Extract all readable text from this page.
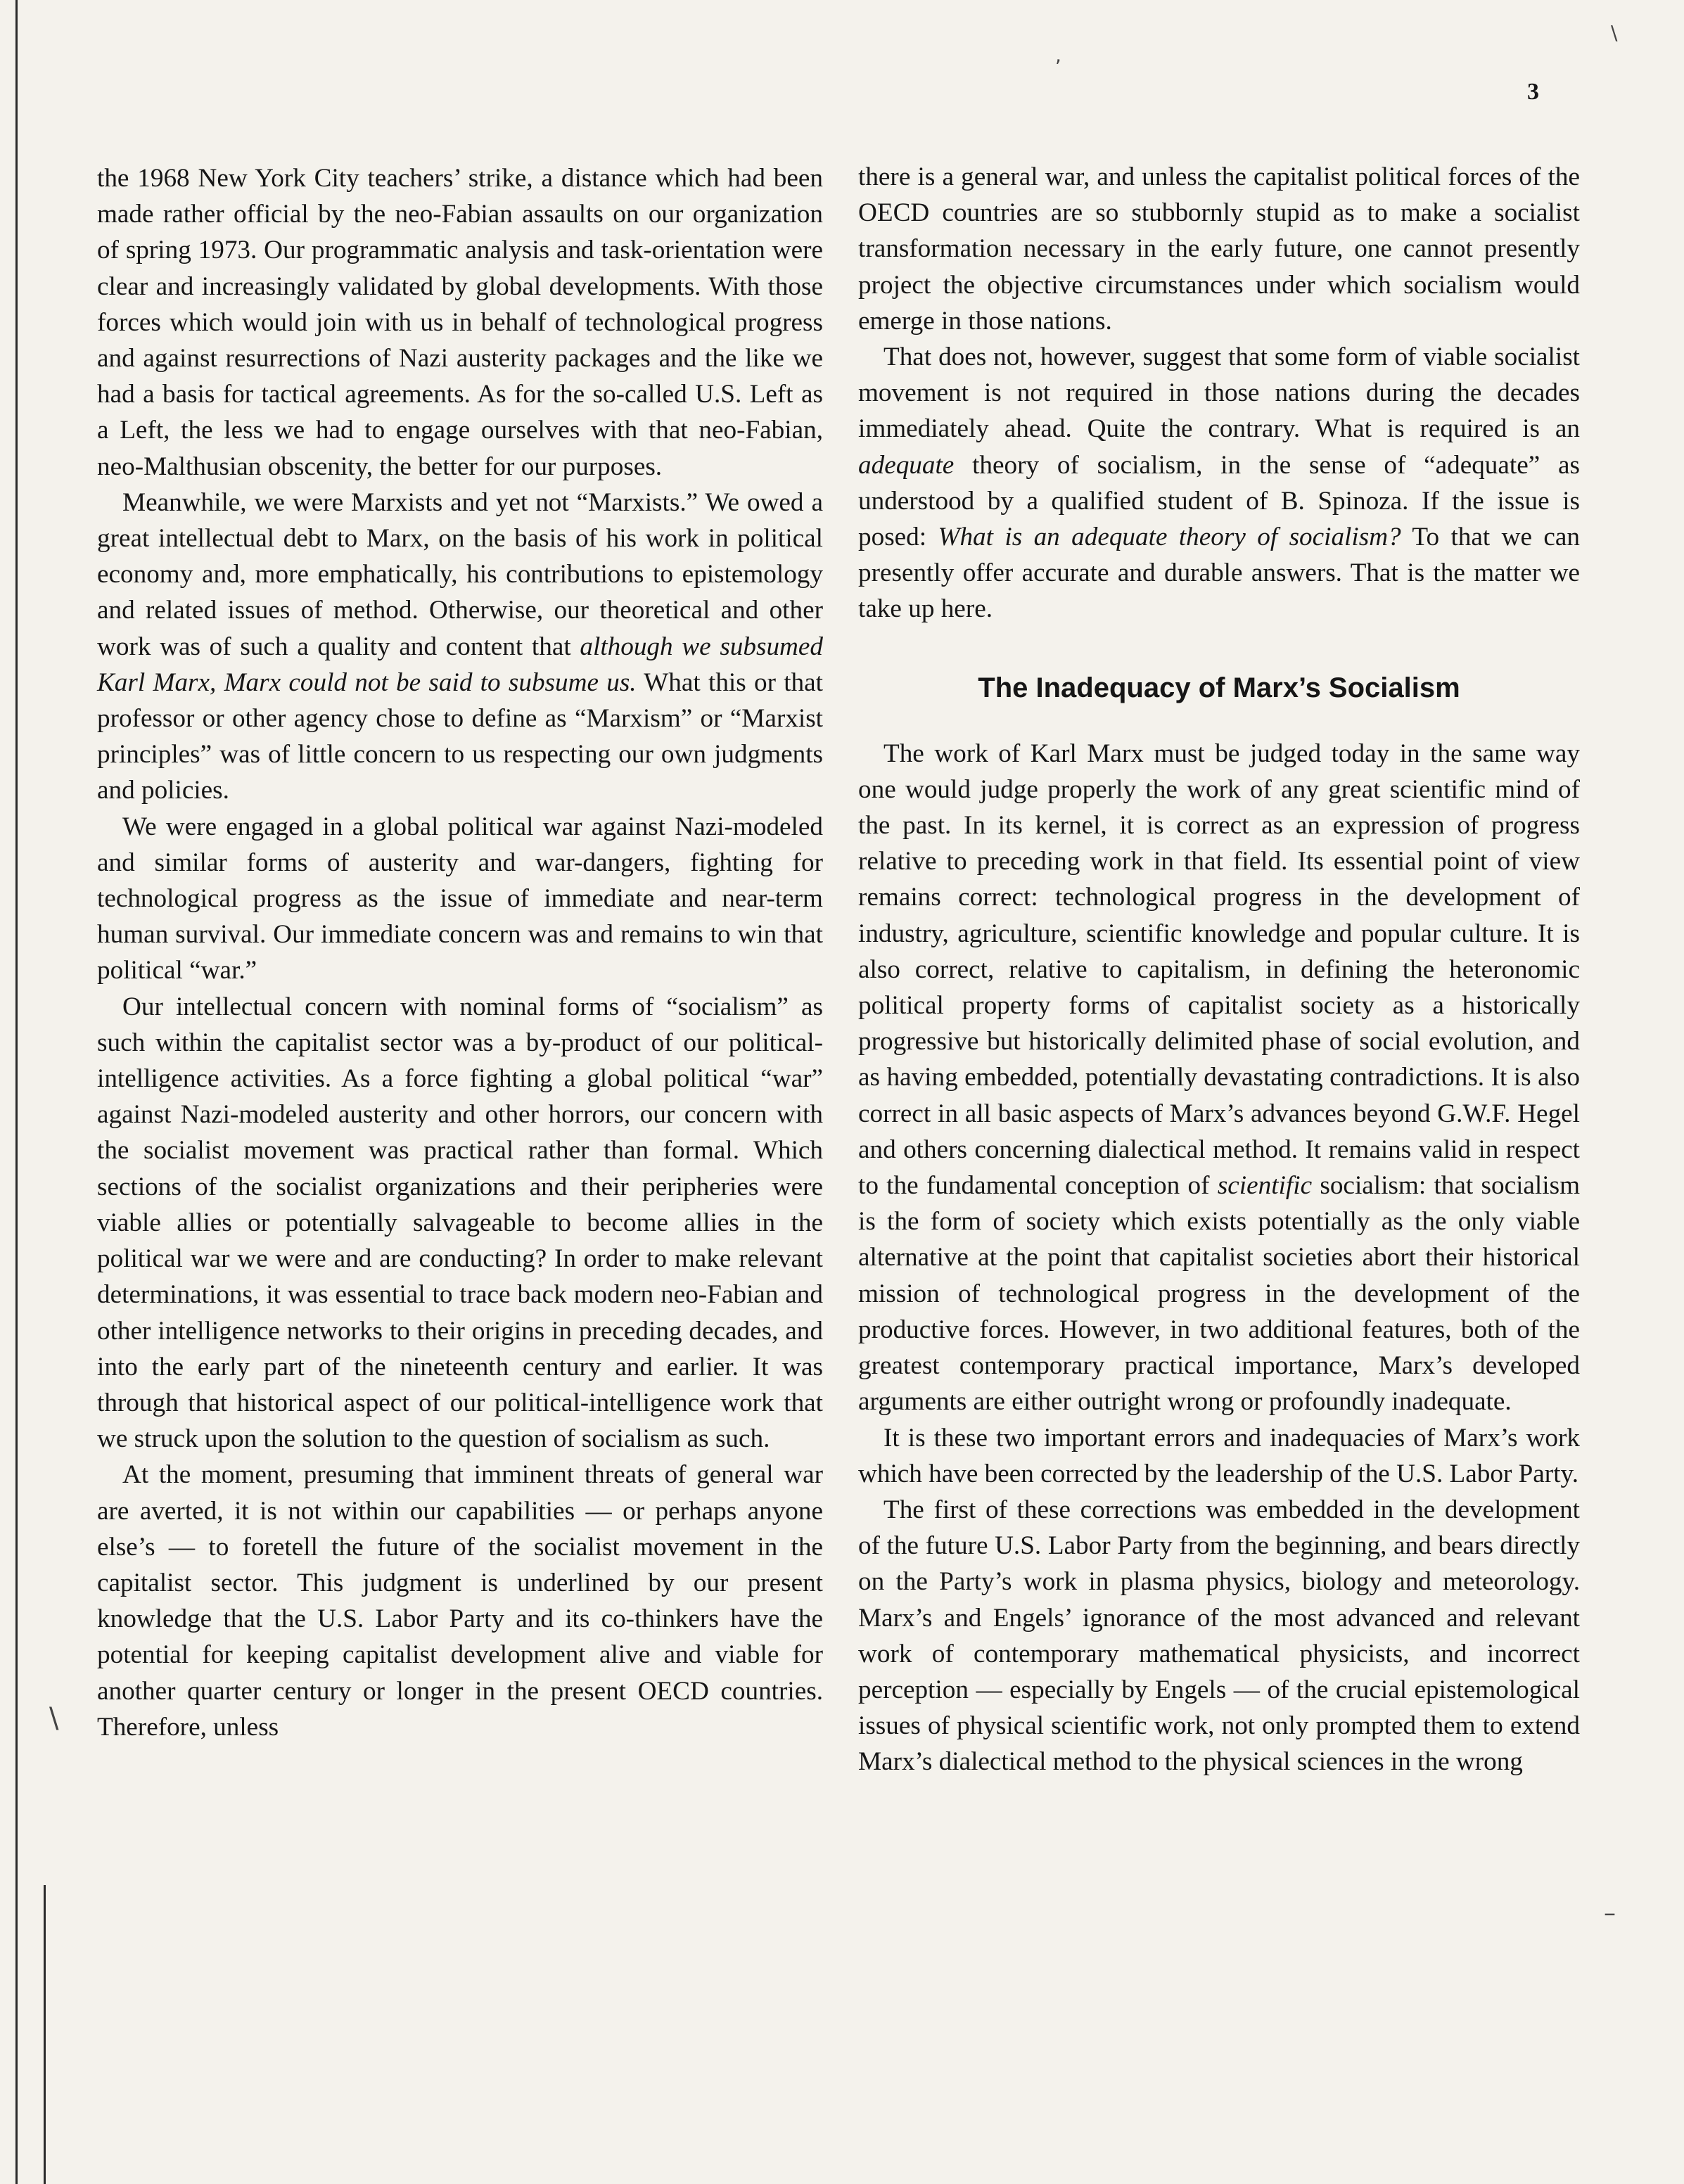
,
\
\
–
3

the 1968 New York City teachers’ strike, a distance which had been made rather official by the neo-Fabian assaults on our organization of spring 1973. Our programmatic analysis and task-orientation were clear and increasingly validated by global developments. With those forces which would join with us in behalf of technological progress and against resurrections of Nazi austerity packages and the like we had a basis for tactical agreements. As for the so-called U.S. Left as a Left, the less we had to engage ourselves with that neo-Fabian, neo-Malthusian obscenity, the better for our purposes.

Meanwhile, we were Marxists and yet not “Marxists.” We owed a great intellectual debt to Marx, on the basis of his work in political economy and, more emphatically, his contributions to epistemology and related issues of method. Otherwise, our theoretical and other work was of such a quality and content that although we subsumed Karl Marx, Marx could not be said to subsume us. What this or that professor or other agency chose to define as “Marxism” or “Marxist principles” was of little concern to us respecting our own judgments and policies.

We were engaged in a global political war against Nazi-modeled and similar forms of austerity and war-dangers, fighting for technological progress as the issue of immediate and near-term human survival. Our immediate concern was and remains to win that political “war.”

Our intellectual concern with nominal forms of “socialism” as such within the capitalist sector was a by-product of our political-intelligence activities. As a force fighting a global political “war” against Nazi-modeled austerity and other horrors, our concern with the socialist movement was practical rather than formal. Which sections of the socialist organizations and their peripheries were viable allies or potentially salvageable to become allies in the political war we were and are conducting? In order to make relevant determinations, it was essential to trace back modern neo-Fabian and other intelligence networks to their origins in preceding decades, and into the early part of the nineteenth century and earlier. It was through that historical aspect of our political-intelligence work that we struck upon the solution to the question of socialism as such.

At the moment, presuming that imminent threats of general war are averted, it is not within our capabilities — or perhaps anyone else’s — to foretell the future of the socialist movement in the capitalist sector. This judgment is underlined by our present knowledge that the U.S. Labor Party and its co-thinkers have the potential for keeping capitalist development alive and viable for another quarter century or longer in the present OECD countries. Therefore, unless

there is a general war, and unless the capitalist political forces of the OECD countries are so stubbornly stupid as to make a socialist transformation necessary in the early future, one cannot presently project the objective circumstances under which socialism would emerge in those nations.

That does not, however, suggest that some form of viable socialist movement is not required in those nations during the decades immediately ahead. Quite the contrary. What is required is an adequate theory of socialism, in the sense of “adequate” as understood by a qualified student of B. Spinoza. If the issue is posed: What is an adequate theory of socialism? To that we can presently offer accurate and durable answers. That is the matter we take up here.

The Inadequacy of Marx’s Socialism

The work of Karl Marx must be judged today in the same way one would judge properly the work of any great scientific mind of the past. In its kernel, it is correct as an expression of progress relative to preceding work in that field. Its essential point of view remains correct: technological progress in the development of industry, agriculture, scientific knowledge and popular culture. It is also correct, relative to capitalism, in defining the heteronomic political property forms of capitalist society as a historically progressive but historically delimited phase of social evolution, and as having embedded, potentially devastating contradictions. It is also correct in all basic aspects of Marx’s advances beyond G.W.F. Hegel and others concerning dialectical method. It remains valid in respect to the fundamental conception of scientific socialism: that socialism is the form of society which exists potentially as the only viable alternative at the point that capitalist societies abort their historical mission of technological progress in the development of the productive forces. However, in two additional features, both of the greatest contemporary practical importance, Marx’s developed arguments are either outright wrong or profoundly inadequate.

It is these two important errors and inadequacies of Marx’s work which have been corrected by the leadership of the U.S. Labor Party.

The first of these corrections was embedded in the development of the future U.S. Labor Party from the beginning, and bears directly on the Party’s work in plasma physics, biology and meteorology. Marx’s and Engels’ ignorance of the most advanced and relevant work of contemporary mathematical physicists, and incorrect perception — especially by Engels — of the crucial epistemological issues of physical scientific work, not only prompted them to extend Marx’s dialectical method to the physical sciences in the wrong
